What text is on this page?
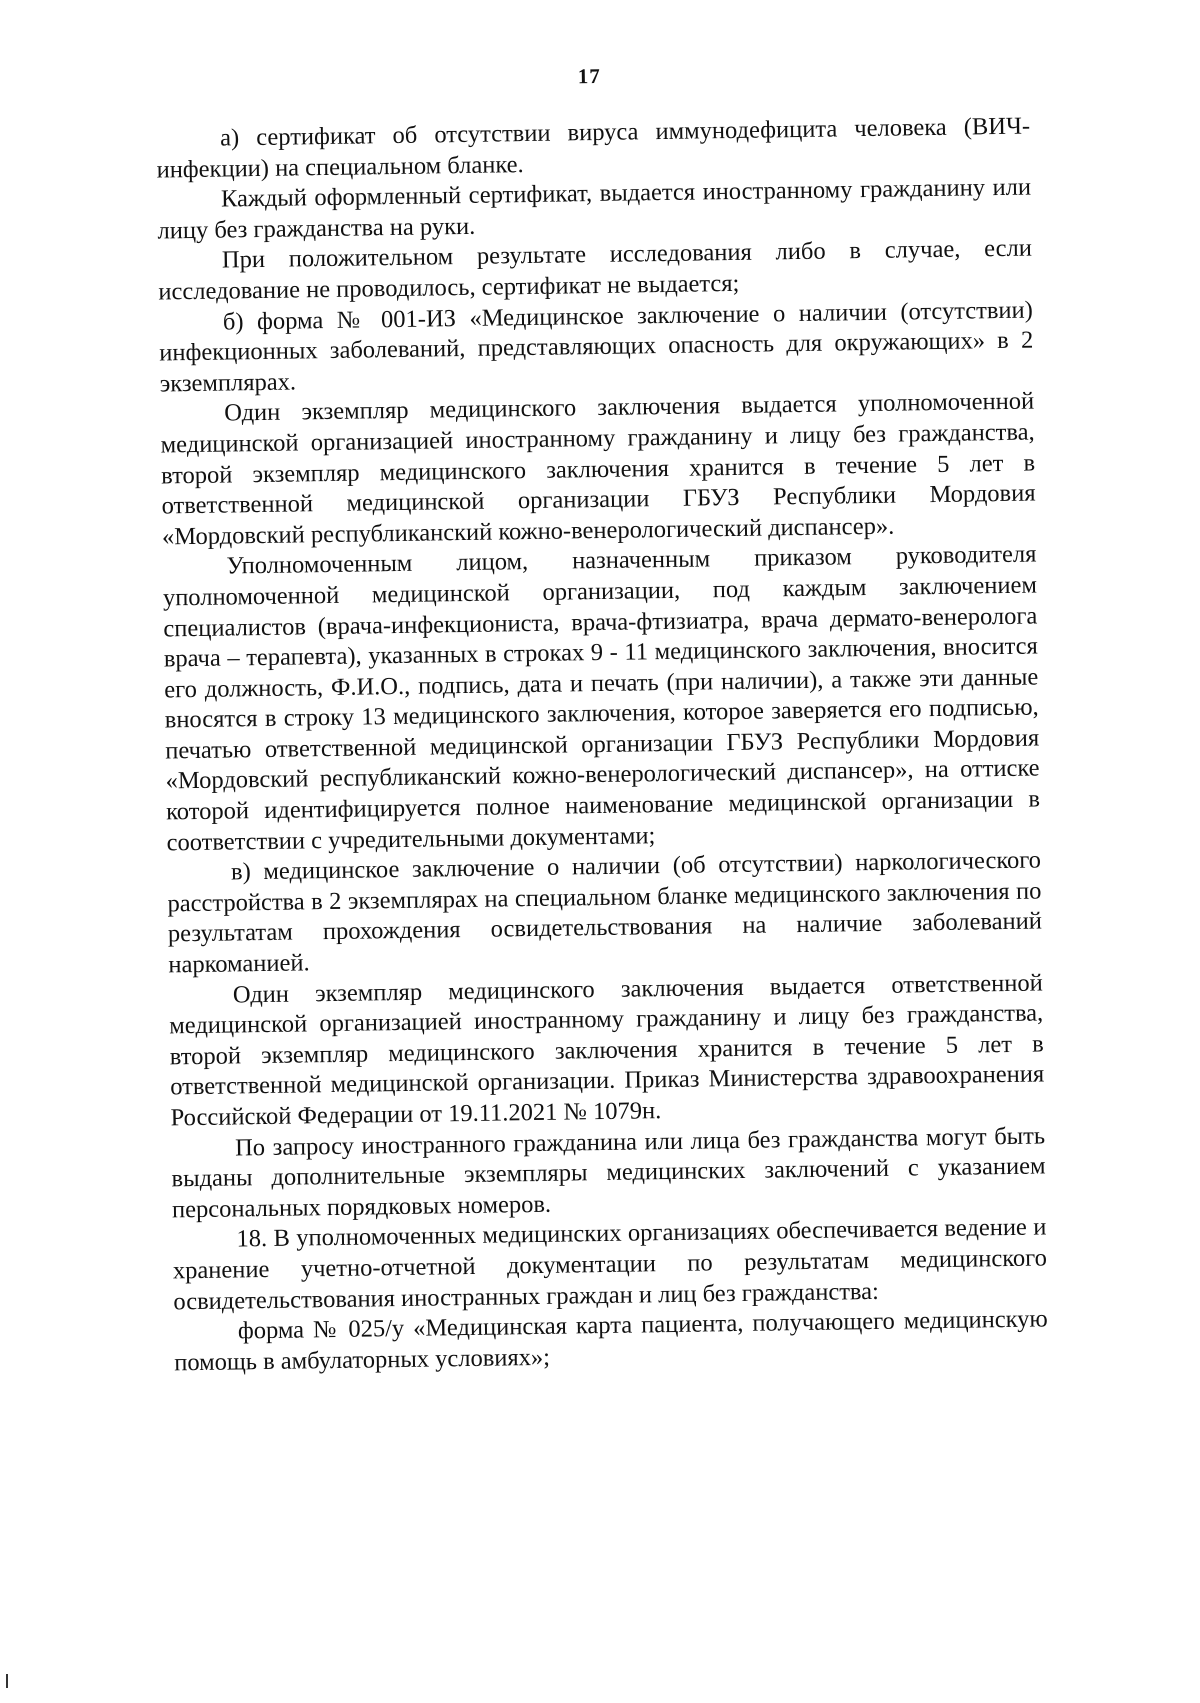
17

а) сертификат об отсутствии вируса иммунодефицита человека (ВИЧ-инфекции) на специальном бланке.

Каждый оформленный сертификат, выдается иностранному гражданину или лицу без гражданства на руки.

При положительном результате исследования либо в случае, если исследование не проводилось, сертификат не выдается;

б) форма № 001-ИЗ «Медицинское заключение о наличии (отсутствии) инфекционных заболеваний, представляющих опасность для окружающих» в 2 экземплярах.

Один экземпляр медицинского заключения выдается уполномоченной медицинской организацией иностранному гражданину и лицу без гражданства, второй экземпляр медицинского заключения хранится в течение 5 лет в ответственной медицинской организации ГБУЗ Республики Мордовия «Мордовский республиканский кожно-венерологический диспансер».

Уполномоченным лицом, назначенным приказом руководителя уполномоченной медицинской организации, под каждым заключением специалистов (врача-инфекциониста, врача-фтизиатра, врача дермато-венеролога врача – терапевта), указанных в строках 9 - 11 медицинского заключения, вносится его должность, Ф.И.О., подпись, дата и печать (при наличии), а также эти данные вносятся в строку 13 медицинского заключения, которое заверяется его подписью, печатью ответственной медицинской организации ГБУЗ Республики Мордовия «Мордовский республиканский кожно-венерологический диспансер», на оттиске которой идентифицируется полное наименование медицинской организации в соответствии с учредительными документами;

в) медицинское заключение о наличии (об отсутствии) наркологического расстройства в 2 экземплярах на специальном бланке медицинского заключения по результатам прохождения освидетельствования на наличие заболеваний наркоманией.

Один экземпляр медицинского заключения выдается ответственной медицинской организацией иностранному гражданину и лицу без гражданства, второй экземпляр медицинского заключения хранится в течение 5 лет в ответственной медицинской организации. Приказ Министерства здравоохранения Российской Федерации от 19.11.2021 № 1079н.

По запросу иностранного гражданина или лица без гражданства могут быть выданы дополнительные экземпляры медицинских заключений с указанием персональных порядковых номеров.

18. В уполномоченных медицинских организациях обеспечивается ведение и хранение учетно-отчетной документации по результатам медицинского освидетельствования иностранных граждан и лиц без гражданства:

форма № 025/у «Медицинская карта пациента, получающего медицинскую помощь в амбулаторных условиях»;
